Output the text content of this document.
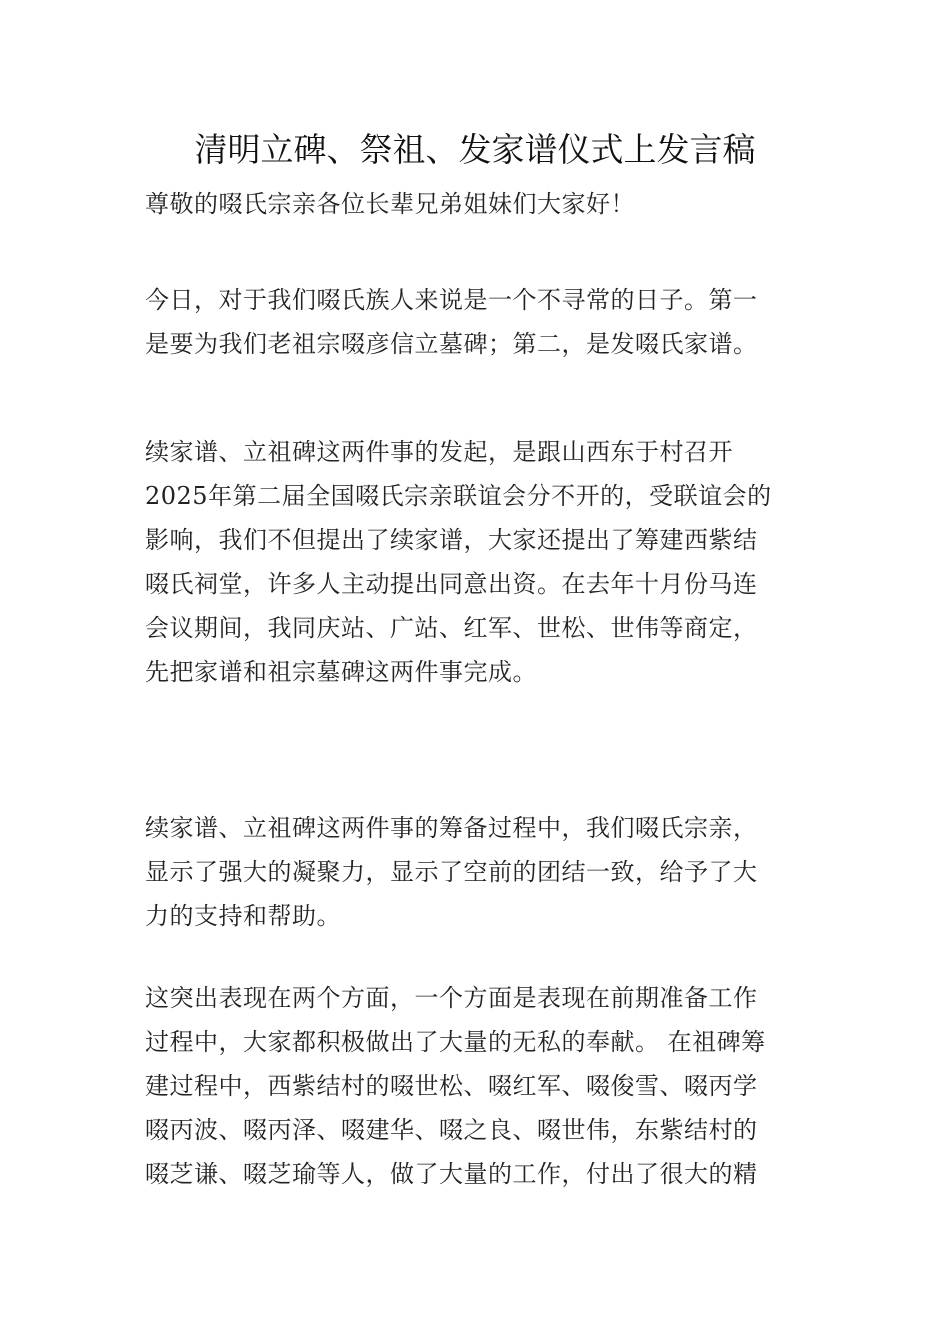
清明立碑、祭祖、发家谱仪式上发言稿

尊敬的啜氏宗亲各位长辈兄弟姐妹们大家好！

今日，对于我们啜氏族人来说是一个不寻常的日子。第一
是要为我们老祖宗啜彦信立墓碑；第二，是发啜氏家谱。

续家谱、立祖碑这两件事的发起，是跟山西东于村召开
2025年第二届全国啜氏宗亲联谊会分不开的，受联谊会的
影响，我们不但提出了续家谱，大家还提出了筹建西紫结
啜氏祠堂，许多人主动提出同意出资。在去年十月份马连
会议期间，我同庆站、广站、红军、世松、世伟等商定，
先把家谱和祖宗墓碑这两件事完成。

续家谱、立祖碑这两件事的筹备过程中，我们啜氏宗亲，
显示了强大的凝聚力，显示了空前的团结一致，给予了大
力的支持和帮助。

这突出表现在两个方面，一个方面是表现在前期准备工作
过程中，大家都积极做出了大量的无私的奉献。 在祖碑筹
建过程中，西紫结村的啜世松、啜红军、啜俊雪、啜丙学
啜丙波、啜丙泽、啜建华、啜之良、啜世伟，东紫结村的
啜芝谦、啜芝瑜等人，做了大量的工作，付出了很大的精
